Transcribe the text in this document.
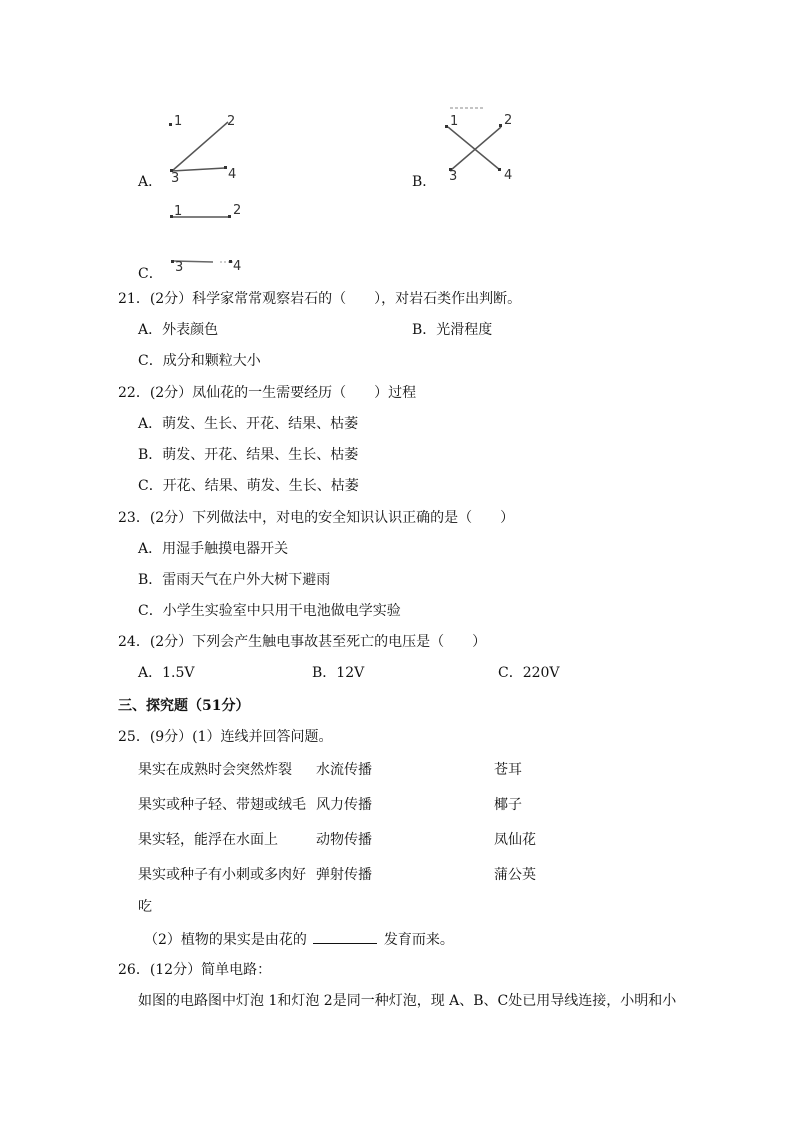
1	2
3	4
A．
1	2
3	4
B．
1	2
3	4
C．
21．(2分）科学家常常观察岩石的（　　），对岩石类作出判断。
A．外表颜色	B．光滑程度
C．成分和颗粒大小
22．(2分）凤仙花的一生需要经历（　　）过程
A．萌发、生长、开花、结果、枯萎
B．萌发、开花、结果、生长、枯萎
C．开花、结果、萌发、生长、枯萎
23．(2分）下列做法中，对电的安全知识认识正确的是（　　）
A．用湿手触摸电器开关
B．雷雨天气在户外大树下避雨
C．小学生实验室中只用干电池做电学实验
24．(2分）下列会产生触电事故甚至死亡的电压是（　　）
A．1.5V	B．12V	C．220V
三、探究题（51分）
25．(9分）(1）连线并回答问题。
果实在成熟时会突然炸裂 水流传播	苍耳
果实或种子轻、带翅或绒毛 风力传播	椰子
果实轻，能浮在水面上	动物传播	凤仙花
果实或种子有小刺或多肉好 弹射传播	蒲公英
吃
（2）植物的果实是由花的	发育而来。
26．(12分）简单电路：
如图的电路图中灯泡 1和灯泡 2是同一种灯泡，现 A、B、C处已用导线连接，小明和小
